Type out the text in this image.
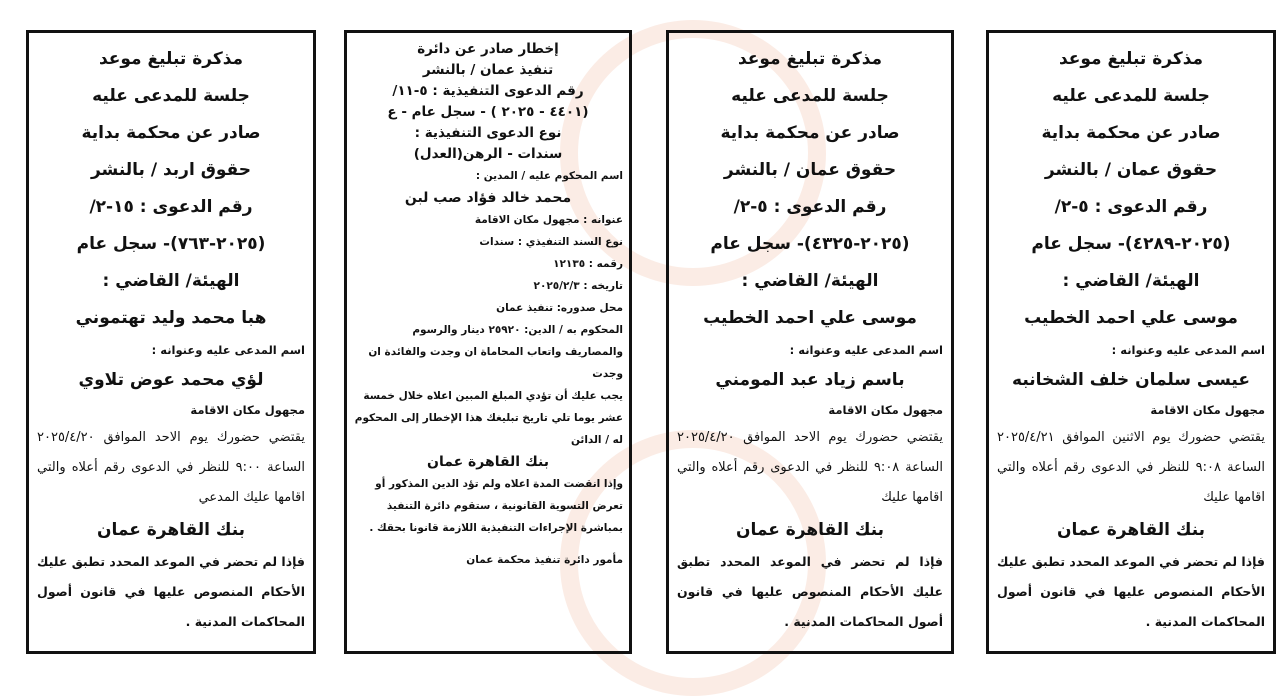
مذكرة تبليغ موعد
جلسة للمدعى عليه
صادر عن محكمة بداية
حقوق عمان / بالنشر
رقم الدعوى : ٥-٢/
(٢٠٢٥-٤٢٨٩)- سجل عام
الهيئة/ القاضي :
موسى علي احمد الخطيب
اسم المدعى عليه وعنوانه :
عيسى سلمان خلف الشخانبه
مجهول مكان الاقامة
يقتضي حضورك يوم الاثنين الموافق ٢٠٢٥/٤/٢١ الساعة ٩:٠٨ للنظر في الدعوى رقم أعلاه والتي اقامها عليك
بنك القاهرة عمان
فإذا لم تحضر في الموعد المحدد تطبق عليك الأحكام المنصوص عليها في قانون أصول المحاكمات المدنية .
مذكرة تبليغ موعد
جلسة للمدعى عليه
صادر عن محكمة بداية
حقوق عمان / بالنشر
رقم الدعوى : ٥-٢/
(٢٠٢٥-٤٣٢٥)- سجل عام
الهيئة/ القاضي :
موسى علي احمد الخطيب
اسم المدعى عليه وعنوانه :
باسم زياد عبد المومني
مجهول مكان الاقامة
يقتضي حضورك يوم الاحد الموافق ٢٠٢٥/٤/٢٠ الساعة ٩:٠٨ للنظر في الدعوى رقم أعلاه والتي اقامها عليك
بنك القاهرة عمان
فإذا لم تحضر في الموعد المحدد تطبق عليك الأحكام المنصوص عليها في قانون أصول المحاكمات المدنية .
إخطار صادر عن دائرة
تنفيذ عمان / بالنشر
رقم الدعوى التنفيذية : ٥-١١/
(٤٤٠١ - ٢٠٢٥ ) - سجل عام - ع
نوع الدعوى التنفيذية :
سندات - الرهن(العدل)
اسم المحكوم عليه / المدين :
محمد خالد فؤاد صب لبن
عنوانه : مجهول مكان الاقامة
نوع السند التنفيذي : سندات
رقمه : ١٢١٣٥
تاريخه : ٢٠٢٥/٢/٣
محل صدوره: تنفيذ عمان
المحكوم به / الدين: ٢٥٩٢٠ دينار والرسوم والمصاريف واتعاب المحاماة ان وجدت والفائدة ان وجدت
يجب عليك أن تؤدي المبلغ المبين اعلاه خلال خمسة عشر يوما تلي تاريخ تبليغك هذا الإخطار إلى المحكوم له / الدائن
بنك القاهرة عمان
وإذا انقضت المدة اعلاه ولم تؤد الدين المذكور أو تعرض التسوية القانونية ، ستقوم دائرة التنفيذ بمباشرة الإجراءات التنفيذية اللازمة قانونا بحقك .
مأمور دائرة تنفيذ محكمة عمان
مذكرة تبليغ موعد
جلسة للمدعى عليه
صادر عن محكمة بداية
حقوق اربد / بالنشر
رقم الدعوى : ١٥-٢/
(٢٠٢٥-٧٦٣)- سجل عام
الهيئة/ القاضي :
هبا محمد وليد تهتموني
اسم المدعى عليه وعنوانه :
لؤي محمد عوض تلاوي
مجهول مكان الاقامة
يقتضي حضورك يوم الاحد الموافق ٢٠٢٥/٤/٢٠ الساعة ٩:٠٠ للنظر في الدعوى رقم أعلاه والتي اقامها عليك المدعي
بنك القاهرة عمان
فإذا لم تحضر في الموعد المحدد تطبق عليك الأحكام المنصوص عليها في قانون أصول المحاكمات المدنية .
